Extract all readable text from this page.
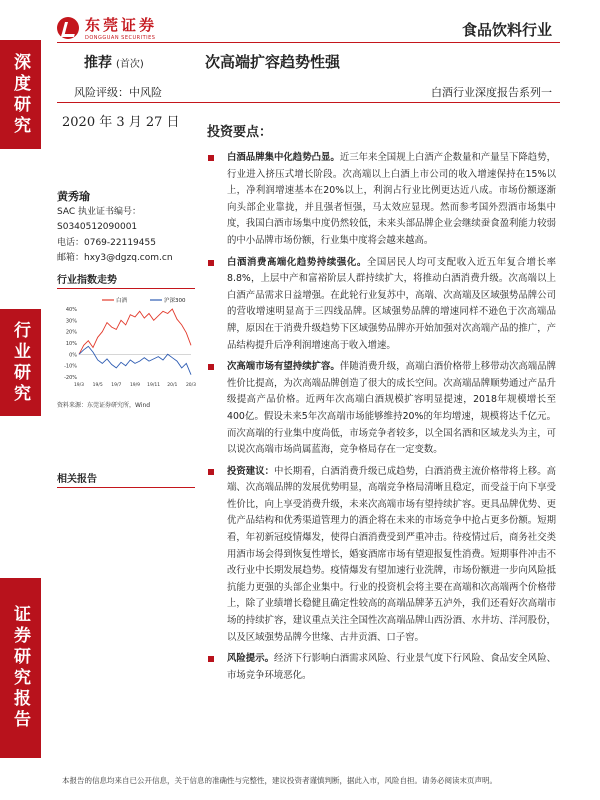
深度研究
行业研究
证券研究报告
东莞证券
DONGGUAN SECURITIES	食品饮料行业
推荐 (首次)	次高端扩容趋势性强
风险评级：中风险	白酒行业深度报告系列一
2020 年 3 月 27 日
投资要点：
黄秀瑜
SAC 执业证书编号：
S0340512090001
电话：0769-22119455
邮箱：hxy3@dgzq.com.cn
行业指数走势
40%
30%
20%
10%
0%
-10%
-20%
19/3 19/5 19/7 19/9 19/11 20/1 20/3
白酒	沪深300
资料来源：东莞证券研究所，Wind
相关报告
白酒品牌集中化趋势凸显。近三年来全国规上白酒产企数量和产量呈下降趋势，行业进入挤压式增长阶段。次高端以上白酒上市公司的收入增速保持在15%以上，净利润增速基本在20%以上，利润占行业比例更达近八成。市场份额逐渐向头部企业靠拢，并且强者恒强，马太效应显现。然而参考国外烈酒市场集中度，我国白酒市场集中度仍然较低，未来头部品牌企业会继续蚕食盈利能力较弱的中小品牌市场份额，行业集中度将会越来越高。
白酒消费高端化趋势持续强化。全国居民人均可支配收入近五年复合增长率8.8%，上层中产和富裕阶层人群持续扩大，将推动白酒消费升级。次高端以上白酒产品需求日益增强。在此轮行业复苏中，高端、次高端及区域强势品牌公司的营收增速明显高于三四线品牌。区域强势品牌的增速同样不逊色于次高端品牌，原因在于消费升级趋势下区域强势品牌亦开始加强对次高端产品的推广，产品结构提升后净利润增速高于收入增速。
次高端市场有望持续扩容。伴随消费升级，高端白酒价格带上移带动次高端品牌性价比提高，为次高端品牌创造了很大的成长空间。次高端品牌顺势通过产品升级提高产品价格。近两年次高端白酒规模扩容明显提速，2018年规模增长至400亿。假设未来5年次高端市场能够维持20%的年均增速，规模将达千亿元。而次高端的行业集中度尚低，市场竞争者较多，以全国名酒和区域龙头为主，可以说次高端市场尚属蓝海，竞争格局存在一定变数。
投资建议：中长期看，白酒消费升级已成趋势，白酒消费主流价格带将上移。高端、次高端品牌的发展优势明显，高端竞争格局清晰且稳定，而受益于向下享受性价比，向上享受消费升级，未来次高端市场有望持续扩容。更具品牌优势、更优产品结构和优秀渠道管理力的酒企将在未来的市场竞争中抢占更多份额。短期看，年初新冠疫情爆发，使得白酒消费受到严重冲击。待疫情过后，商务社交类用酒市场会得到恢复性增长，婚宴酒席市场有望迎报复性消费。短期事件冲击不改行业中长期发展趋势。疫情爆发有望加速行业洗牌，市场份额进一步向风险抵抗能力更强的头部企业集中。行业的投资机会将主要在高端和次高端两个价格带上，除了业绩增长稳健且确定性较高的高端品牌茅五泸外，我们还看好次高端市场的持续扩容，建议重点关注全国性次高端品牌山西汾酒、水井坊、洋河股份，以及区域强势品牌今世缘、古井贡酒、口子窖。
风险提示。经济下行影响白酒需求风险、行业景气度下行风险、食品安全风险、市场竞争环境恶化。
本报告的信息均来自已公开信息，关于信息的准确性与完整性，建议投资者谨慎判断，据此入市，风险自担。请务必阅读末页声明。
